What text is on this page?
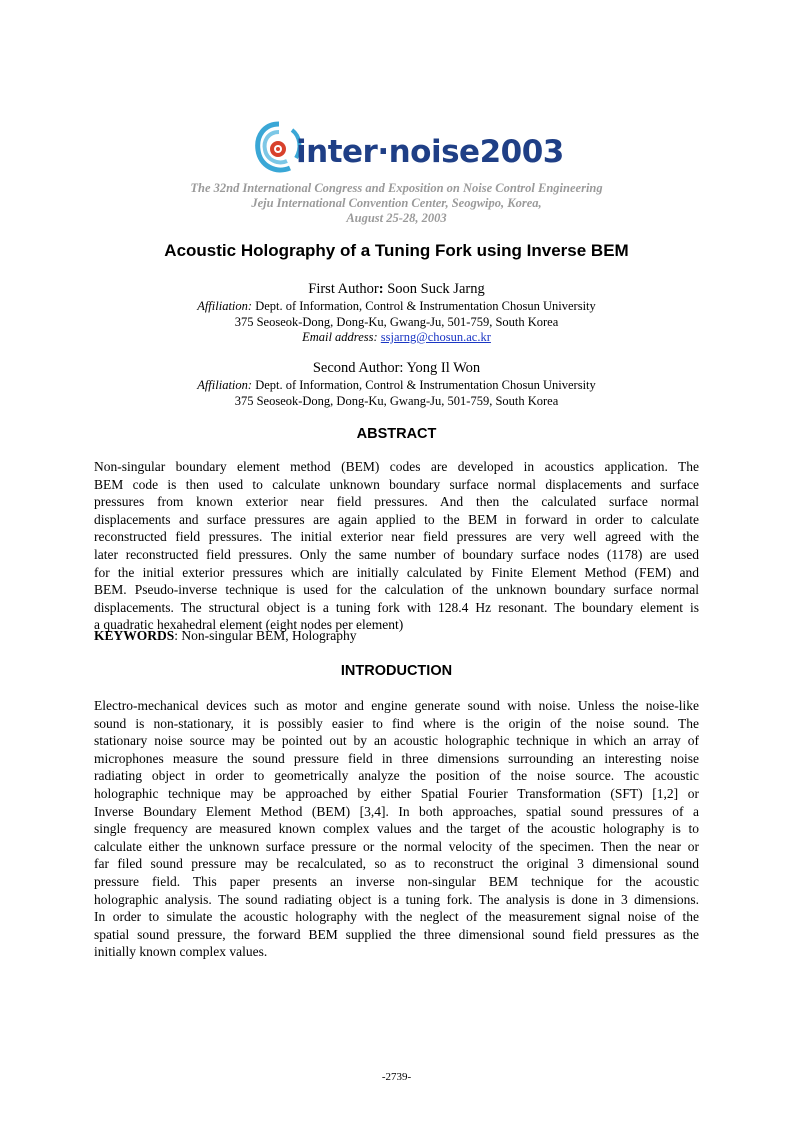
inter·noise2003
The 32nd International Congress and Exposition on Noise Control Engineering
Jeju International Convention Center, Seogwipo, Korea,
August 25-28, 2003
Acoustic Holography of a Tuning Fork using Inverse BEM
First Author: Soon Suck Jarng
Affiliation: Dept. of Information, Control & Instrumentation Chosun University
375 Seoseok-Dong, Dong-Ku, Gwang-Ju, 501-759, South Korea
Email address: ssjarng@chosun.ac.kr
Second Author: Yong Il Won
Affiliation: Dept. of Information, Control & Instrumentation Chosun University
375 Seoseok-Dong, Dong-Ku, Gwang-Ju, 501-759, South Korea
ABSTRACT
Non-singular boundary element method (BEM) codes are developed in acoustics application. The
BEM code is then used to calculate unknown boundary surface normal displacements and surface
pressures from known exterior near field pressures. And then the calculated surface normal
displacements and surface pressures are again applied to the BEM in forward in order to calculate
reconstructed field pressures. The initial exterior near field pressures are very well agreed with the
later reconstructed field pressures. Only the same number of boundary surface nodes (1178) are used
for the initial exterior pressures which are initially calculated by Finite Element Method (FEM) and
BEM. Pseudo-inverse technique is used for the calculation of the unknown boundary surface normal
displacements. The structural object is a tuning fork with 128.4 Hz resonant. The boundary element is
a quadratic hexahedral element (eight nodes per element)
KEYWORDS: Non-singular BEM, Holography
INTRODUCTION
Electro-mechanical devices such as motor and engine generate sound with noise. Unless the noise-like
sound is non-stationary, it is possibly easier to find where is the origin of the noise sound. The
stationary noise source may be pointed out by an acoustic holographic technique in which an array of
microphones measure the sound pressure field in three dimensions surrounding an interesting noise
radiating object in order to geometrically analyze the position of the noise source. The acoustic
holographic technique may be approached by either Spatial Fourier Transformation (SFT) [1,2] or
Inverse Boundary Element Method (BEM) [3,4]. In both approaches, spatial sound pressures of a
single frequency are measured known complex values and the target of the acoustic holography is to
calculate either the unknown surface pressure or the normal velocity of the specimen. Then the near or
far filed sound pressure may be recalculated, so as to reconstruct the original 3 dimensional sound
pressure field. This paper presents an inverse non-singular BEM technique for the acoustic
holographic analysis. The sound radiating object is a tuning fork. The analysis is done in 3 dimensions.
In order to simulate the acoustic holography with the neglect of the measurement signal noise of the
spatial sound pressure, the forward BEM supplied the three dimensional sound field pressures as the
initially known complex values.
-2739-
